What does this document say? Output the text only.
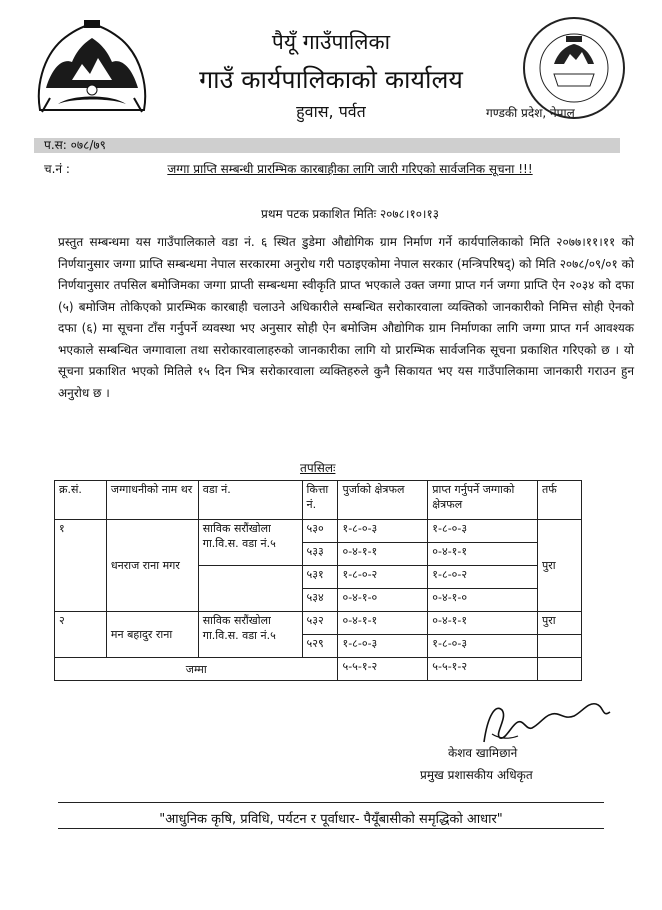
पैयूँ गाउँपालिका
गाउँ कार्यपालिकाको कार्यालय
हुवास, पर्वत	गण्डकी प्रदेश, नेपाल
प.स: ०७८/७९
च.नं :	जग्गा प्राप्ति सम्बन्धी प्रारम्भिक कारबाहीका लागि जारी गरिएको सार्वजनिक सूचना !!!
प्रथम पटक प्रकाशित मितिः २०७८।१०।१३
प्रस्तुत सम्बन्धमा यस गाउँपालिकाले वडा नं. ६ स्थित डुडेमा औद्योगिक ग्राम निर्माण गर्ने कार्यपालिकाको मिति २०७७।११।११ को निर्णयानुसार जग्गा प्राप्ति सम्बन्धमा नेपाल सरकारमा अनुरोध गरी पठाइएकोमा नेपाल सरकार (मन्त्रिपरिषद्) को मिति २०७८/०९/०१ को निर्णयानुसार तपसिल बमोजिमका जग्गा प्राप्ती सम्बन्धमा स्वीकृति प्राप्त भएकाले उक्त जग्गा प्राप्त गर्न जग्गा प्राप्ति ऐन २०३४ को दफा (५) बमोजिम तोकिएको प्रारम्भिक कारबाही चलाउने अधिकारीले सम्बन्धित सरोकारवाला व्यक्तिको जानकारीको निमित्त सोही ऐनको दफा (६) मा सूचना टाँस गर्नुपर्ने व्यवस्था भए अनुसार सोही ऐन बमोजिम औद्योगिक ग्राम निर्माणका लागि जग्गा प्राप्त गर्न आवश्यक भएकाले सम्बन्धित जग्गावाला तथा सरोकारवालाहरुको जानकारीका लागि यो प्रारम्भिक सार्वजनिक सूचना प्रकाशित गरिएको छ । यो सूचना प्रकाशित भएको मितिले १५ दिन भित्र सरोकारवाला व्यक्तिहरुले कुनै सिकायत भए यस गाउँपालिकामा जानकारी गराउन हुन अनुरोध छ ।
तपसिलः
क्र.सं.	जग्गाधनीको नाम थर	वडा नं.	कित्ता नं.	पुर्जाको क्षेत्रफल	प्राप्त गर्नुपर्ने जग्गाको क्षेत्रफल	तर्फ
१	धनराज राना मगर	साविक सरौंखोला गा.वि.स. वडा नं.५	५३०	१-८-०-३	१-८-०-३	पुरा
			५३३	०-४-१-१	०-४-१-१	
			५३१	१-८-०-२	१-८-०-२	
			५३४	०-४-१-०	०-४-१-०	
२	मन बहादुर राना	साविक सरौंखोला गा.वि.स. वडा नं.५	५३२	०-४-१-१	०-४-१-१	पुरा
			५२९	१-८-०-३	१-८-०-३	
जम्मा				५-५-१-२	५-५-१-२	
केशव खामिछाने
प्रमुख प्रशासकीय अधिकृत
"आधुनिक कृषि, प्रविधि, पर्यटन र पूर्वाधार- पैयूँबासीको समृद्धिको आधार"
